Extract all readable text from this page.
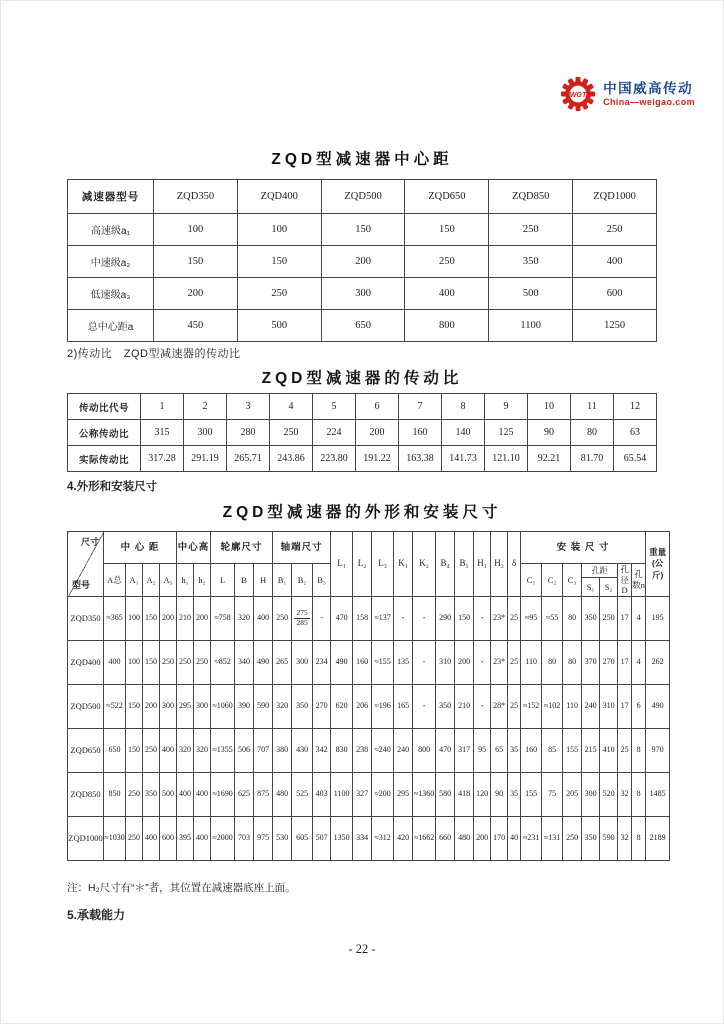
WGT 中国威高传动
China—weigao.com
ZQD型减速器中心距
减速器型号	ZQD350	ZQD400	ZQD500	ZQD650	ZQD850	ZQD1000
高速级a₁	100	100	150	150	250	250
中速级a₂	150	150	200	250	350	400
低速级a₃	200	250	300	400	500	600
总中心距a	450	500	650	800	1100	1250
2)传动比　ZQD型减速器的传动比
ZQD型减速器的传动比
传动比代号	1	2	3	4	5	6	7	8	9	10	11	12
公称传动比	315	300	280	250	224	200	160	140	125	90	80	63
实际传动比	317.28	291.19	265.71	243.86	223.80	191.22	163.38	141.73	121.10	92.21	81.70	65.54
4.外形和安装尺寸
ZQD型减速器的外形和安装尺寸
尺寸
型号	中 心 距				中心高		轮廓尺寸			轴端尺寸			L₁	L₂	L₃	K₁	K₂	B₄	B₅	H₁	H₂	δ	安 装 尺 寸							重量(公斤)
	A总	A₁	A₂	A₃	h₁	h₂	L	B	H	B₁	B₂	B₃											C₁	C₂	C₃	孔距		孔径D	孔数n	
																										S₁	S₂			
ZQD350	≈365	100	150	200	210	200	≈758	320	400	250	$\frac{275}{285}$	-	470	158	≈137	-	-	290	150	-	23*	25	≈95	≈55	80	350	250	17	4	195
ZQD400	400	100	150	250	250	250	≈852	340	490	265	300	234	490	160	≈155	135	-	310	200	-	23*	25	110	80	80	370	270	17	4	262
ZQD500	≈522	150	200	300	295	300	≈1060	390	590	320	350	270	620	206	≈196	165	-	350	210	-	28*	25	≈152	≈102	110	240	310	17	6	490
ZQD650	650	150	250	400	320	320	≈1355	506	707	380	430	342	830	238	≈240	240	800	470	317	95	65	35	160	85	155	215	410	25	8	970
ZQD850	850	250	350	500	400	400	≈1690	625	875	480	525	403	1100	327	≈200	295	≈1360	580	418	120	90	35	155	75	205	300	520	32	8	1485
ZQD1000	≈1030	250	400	600	395	400	≈2000	703	975	530	605	507	1350	334	≈312	420	≈1662	660	480	200	170	40	≈231	≈131	250	350	590	32	8	2189
注：H₂尺寸有“＊”者，其位置在减速器底座上面。
5.承载能力
- 22 -
